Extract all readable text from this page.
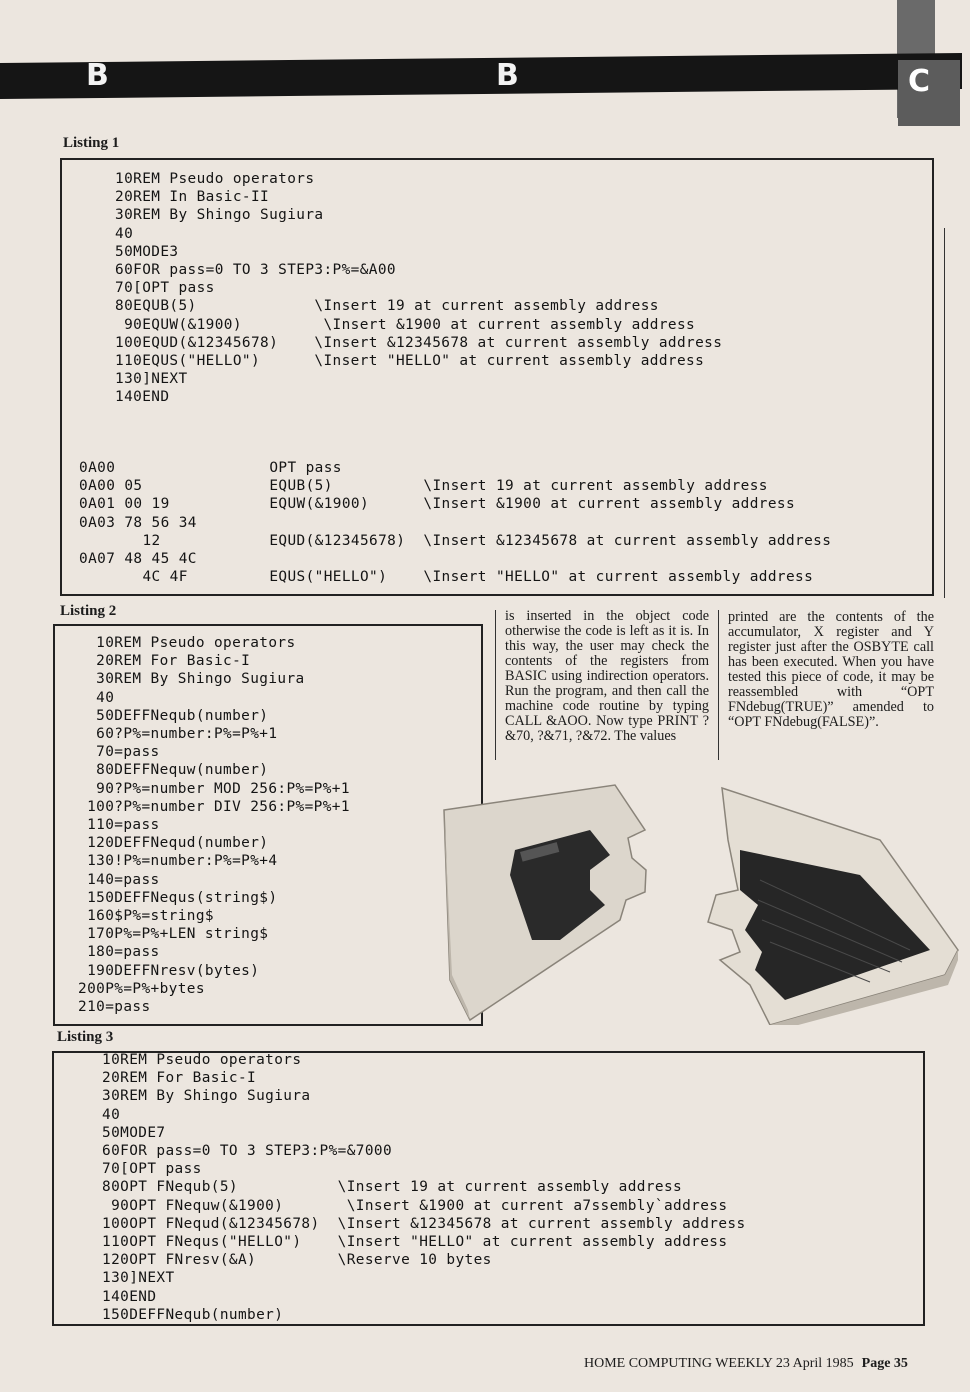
B	B	C
Listing 1
10REM Pseudo operators
20REM In Basic-II
30REM By Shingo Sugiura
40
50MODE3
60FOR pass=0 TO 3 STEP3:P%=&A00
70[OPT pass
80EQUB(5)             \Insert 19 at current assembly address
90EQUW(&1900)         \Insert &1900 at current assembly address
100EQUD(&12345678)    \Insert &12345678 at current assembly address
110EQUS("HELLO")      \Insert "HELLO" at current assembly address
130]NEXT
140END
0A00                 OPT pass
0A00 05              EQUB(5)          \Insert 19 at current assembly address
0A01 00 19           EQUW(&1900)      \Insert &1900 at current assembly address
0A03 78 56 34
12            EQUD(&12345678)  \Insert &12345678 at current assembly address
0A07 48 45 4C
4C 4F         EQUS("HELLO")    \Insert "HELLO" at current assembly address
Listing 2
10REM Pseudo operators
20REM For Basic-I
30REM By Shingo Sugiura
40
50DEFFNequb(number)
60?P%=number:P%=P%+1
70=pass
80DEFFNequw(number)
90?P%=number MOD 256:P%=P%+1
100?P%=number DIV 256:P%=P%+1
110=pass
120DEFFNequd(number)
130!P%=number:P%=P%+4
140=pass
150DEFFNequs(string$)
160$P%=string$
170P%=P%+LEN string$
180=pass
190DEFFNresv(bytes)
200P%=P%+bytes
210=pass

is inserted in the object code otherwise the code is left as it is. In this way, the user may check the contents of the registers from BASIC using indirection operators. Run the program, and then call the machine code routine by typing CALL &AOO. Now type PRINT ?&70, ?&71, ?&72. The values

printed are the contents of the accumulator, X register and Y register just after the OSBYTE call has been executed. When you have tested this piece of code, it may be reassembled with “OPT FNdebug(TRUE)” amended to “OPT FNdebug(FALSE)”.

Listing 3
10REM Pseudo operators
20REM For Basic-I
30REM By Shingo Sugiura
40
50MODE7
60FOR pass=0 TO 3 STEP3:P%=&7000
70[OPT pass
80OPT FNequb(5)           \Insert 19 at current assembly address
90OPT FNequw(&1900)       \Insert &1900 at current a7ssembly`address
100OPT FNequd(&12345678)  \Insert &12345678 at current assembly address
110OPT FNequs("HELLO")    \Insert "HELLO" at current assembly address
120OPT FNresv(&A)         \Reserve 10 bytes
130]NEXT
140END
150DEFFNequb(number)
HOME COMPUTING WEEKLY 23 April 1985 Page 35
